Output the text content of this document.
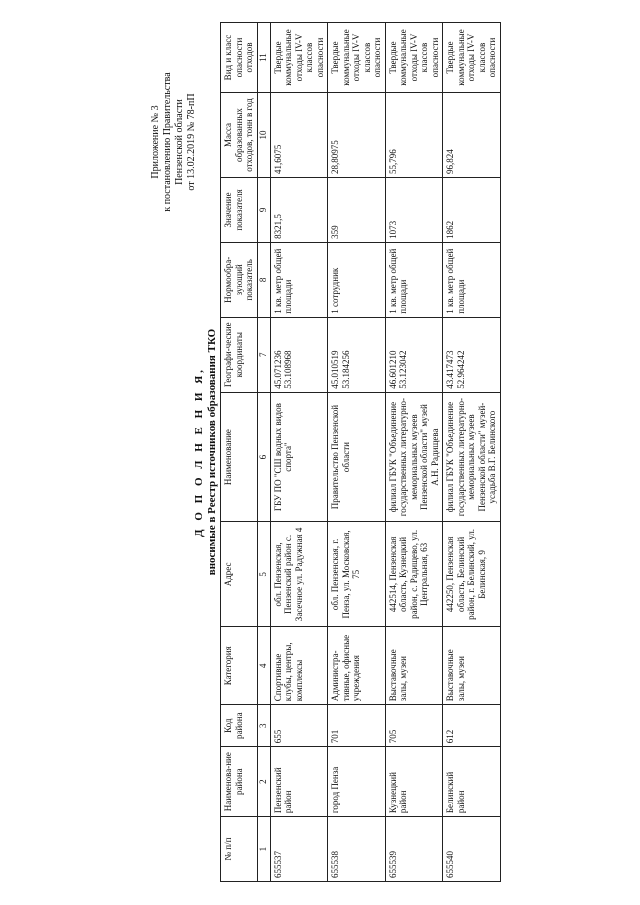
Приложение № 3 к постановлению Правительства Пензенской области от 13.02.2019 № 78-пП
Д О П О Л Н Е Н И Я, вносимые в Реестр источников образования ТКО
№ п/п	Наименова-ние района	Код района	Категория	Адрес	Наименование	Географи-ческие координаты	Нормообра-зующий показатель	Значение показателя	Масса образованных отходов, тонн в год	Вид и класс опасности отходов
1	2	3	4	5	6	7	8	9	10	11
655537	Пензенский район	655	Спортивные клубы, центры, комплексы	обл. Пензенская, Пензенский район с. Засечное ул. Радужная 4	ГБУ ПО "СШ водных видов спорта"	45.071236 53.108968	1 кв. метр общей площади	8321,5	41,6075	Твердые коммунальные отходы IV-V классов опасности
655538	город Пенза	701	Администра-тивные, офисные учреждения	обл. Пензенская, г. Пенза, ул. Московская, 75	Правительство Пензенской области	45.010519 53.184256	1 сотрудник	359	28,80975	Твердые коммунальные отходы IV-V классов опасности
655539	Кузнецкий район	705	Выставочные залы, музеи	442514, Пензенская область, Кузнецкий район, с. Радищево, ул. Центральная, 63	филиал ГБУК "Объединение государственных литературно-мемориальных музеев Пензенской области" музей А.Н. Радищева	46.601210 53.123042	1 кв. метр общей площади	1073	55,796	Твердые коммунальные отходы IV-V классов опасности
655540	Белинский район	612	Выставочные залы, музеи	442250, Пензенская область, Белинский район, г. Белинский, ул. Белинская, 9	филиал ГБУК "Объединение государственных литературно-мемориальных музеев Пензенской области" музей-усадьба В.Г. Белинского	43.417473 52.964242	1 кв. метр общей площади	1862	96,824	Твердые коммунальные отходы IV-V классов опасности
